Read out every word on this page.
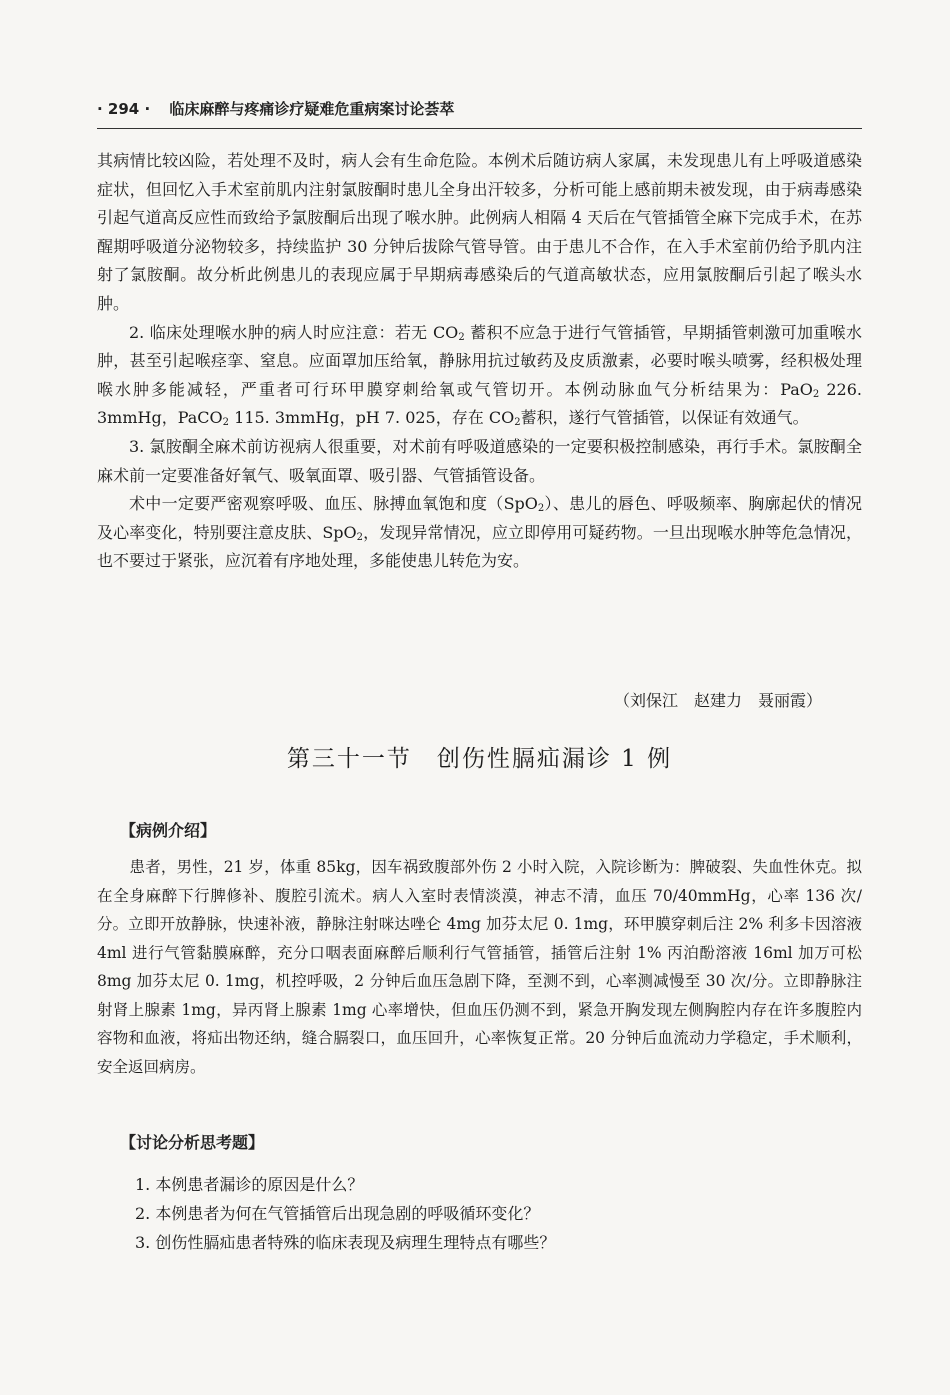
· 294 · 临床麻醉与疼痛诊疗疑难危重病案讨论荟萃

其病情比较凶险，若处理不及时，病人会有生命危险。本例术后随访病人家属，未发现患儿有上呼吸道感染症状，但回忆入手术室前肌内注射氯胺酮时患儿全身出汗较多，分析可能上感前期未被发现，由于病毒感染引起气道高反应性而致给予氯胺酮后出现了喉水肿。此例病人相隔 4 天后在气管插管全麻下完成手术，在苏醒期呼吸道分泌物较多，持续监护 30 分钟后拔除气管导管。由于患儿不合作，在入手术室前仍给予肌内注射了氯胺酮。故分析此例患儿的表现应属于早期病毒感染后的气道高敏状态，应用氯胺酮后引起了喉头水肿。

2. 临床处理喉水肿的病人时应注意：若无 $CO_2$ 蓄积不应急于进行气管插管，早期插管刺激可加重喉水肿，甚至引起喉痉挛、窒息。应面罩加压给氧，静脉用抗过敏药及皮质激素，必要时喉头喷雾，经积极处理喉水肿多能减轻，严重者可行环甲膜穿刺给氧或气管切开。本例动脉血气分析结果为：PaO$_2$ 226. 3mmHg，PaCO$_2$ 115. 3mmHg，pH 7. 025，存在 $CO_2$蓄积，遂行气管插管，以保证有效通气。

3. 氯胺酮全麻术前访视病人很重要，对术前有呼吸道感染的一定要积极控制感染，再行手术。氯胺酮全麻术前一定要准备好氧气、吸氧面罩、吸引器、气管插管设备。

术中一定要严密观察呼吸、血压、脉搏血氧饱和度（SpO$_2$）、患儿的唇色、呼吸频率、胸廓起伏的情况及心率变化，特别要注意皮肤、SpO$_2$，发现异常情况，应立即停用可疑药物。一旦出现喉水肿等危急情况，也不要过于紧张，应沉着有序地处理，多能使患儿转危为安。

（刘保江　赵建力　聂丽霞）
第三十一节　创伤性膈疝漏诊 1 例
【病例介绍】

患者，男性，21 岁，体重 85kg，因车祸致腹部外伤 2 小时入院，入院诊断为：脾破裂、失血性休克。拟在全身麻醉下行脾修补、腹腔引流术。病人入室时表情淡漠，神志不清，血压 70/40mmHg，心率 136 次/分。立即开放静脉，快速补液，静脉注射咪达唑仑 4mg 加芬太尼 0. 1mg，环甲膜穿刺后注 2% 利多卡因溶液 4ml 进行气管黏膜麻醉，充分口咽表面麻醉后顺利行气管插管，插管后注射 1% 丙泊酚溶液 16ml 加万可松 8mg 加芬太尼 0. 1mg，机控呼吸，2 分钟后血压急剧下降，至测不到，心率测减慢至 30 次/分。立即静脉注射肾上腺素 1mg，异丙肾上腺素 1mg 心率增快，但血压仍测不到，紧急开胸发现左侧胸腔内存在许多腹腔内容物和血液，将疝出物还纳，缝合膈裂口，血压回升，心率恢复正常。20 分钟后血流动力学稳定，手术顺利，安全返回病房。

【讨论分析思考题】
1. 本例患者漏诊的原因是什么？
2. 本例患者为何在气管插管后出现急剧的呼吸循环变化？
3. 创伤性膈疝患者特殊的临床表现及病理生理特点有哪些？
